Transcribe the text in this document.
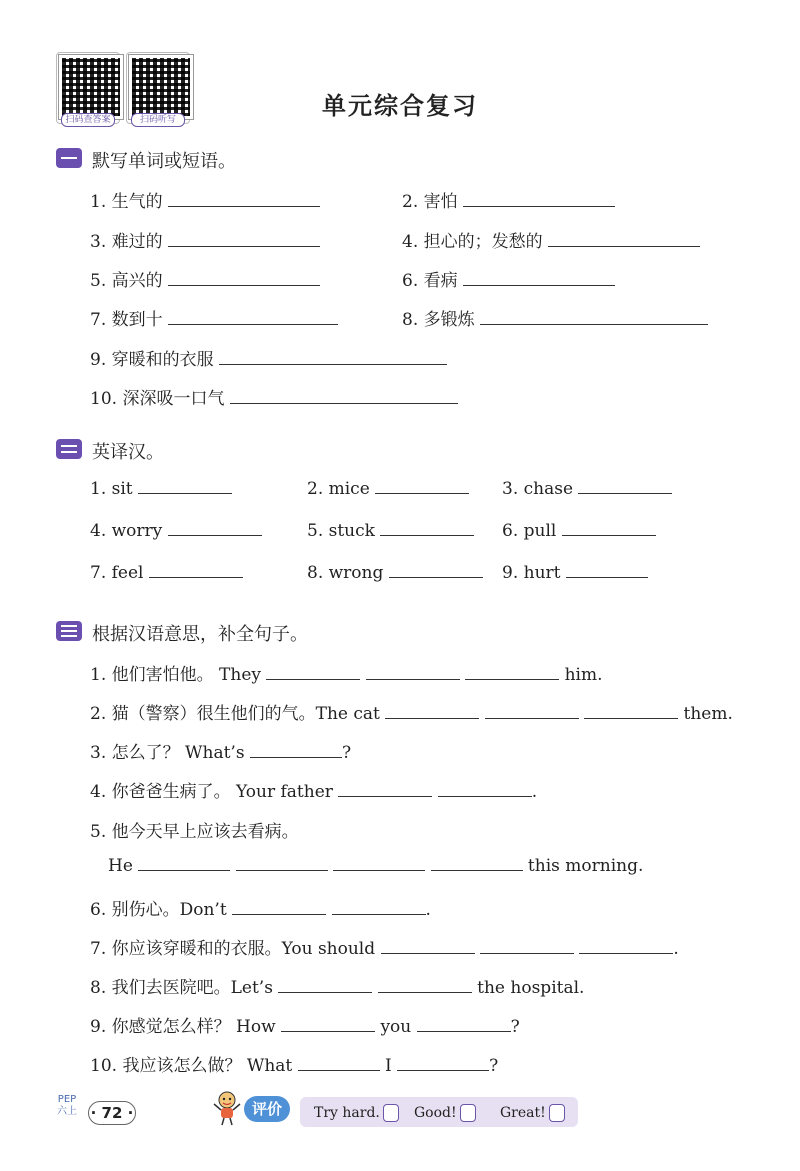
扫码查答案	扫码听写	单元综合复习
默写单词或短语。
1. 生气的	2. 害怕
3. 难过的	4. 担心的；发愁的
5. 高兴的	6. 看病
7. 数到十	8. 多锻炼
9. 穿暖和的衣服
10. 深深吸一口气
英译汉。
1. sit	2. mice	3. chase
4. worry	5. stuck	6. pull
7. feel	8. wrong	9. hurt
根据汉语意思，补全句子。
1. 他们害怕他。 They	him.
2. 猫（警察）很生他们的气。The cat	them.
3. 怎么了？ What’s	?
4. 你爸爸生病了。 Your father	.
5. 他今天早上应该去看病。
He	this morning.
6. 别伤心。Don’t	.
7. 你应该穿暖和的衣服。You should	.
8. 我们去医院吧。Let’s	the hospital.
9. 你感觉怎么样？ How	you	?
10. 我应该怎么做？ What	I	?
PEP
六上 · 72 ·	评价	Try hard.	Good!	Great!
